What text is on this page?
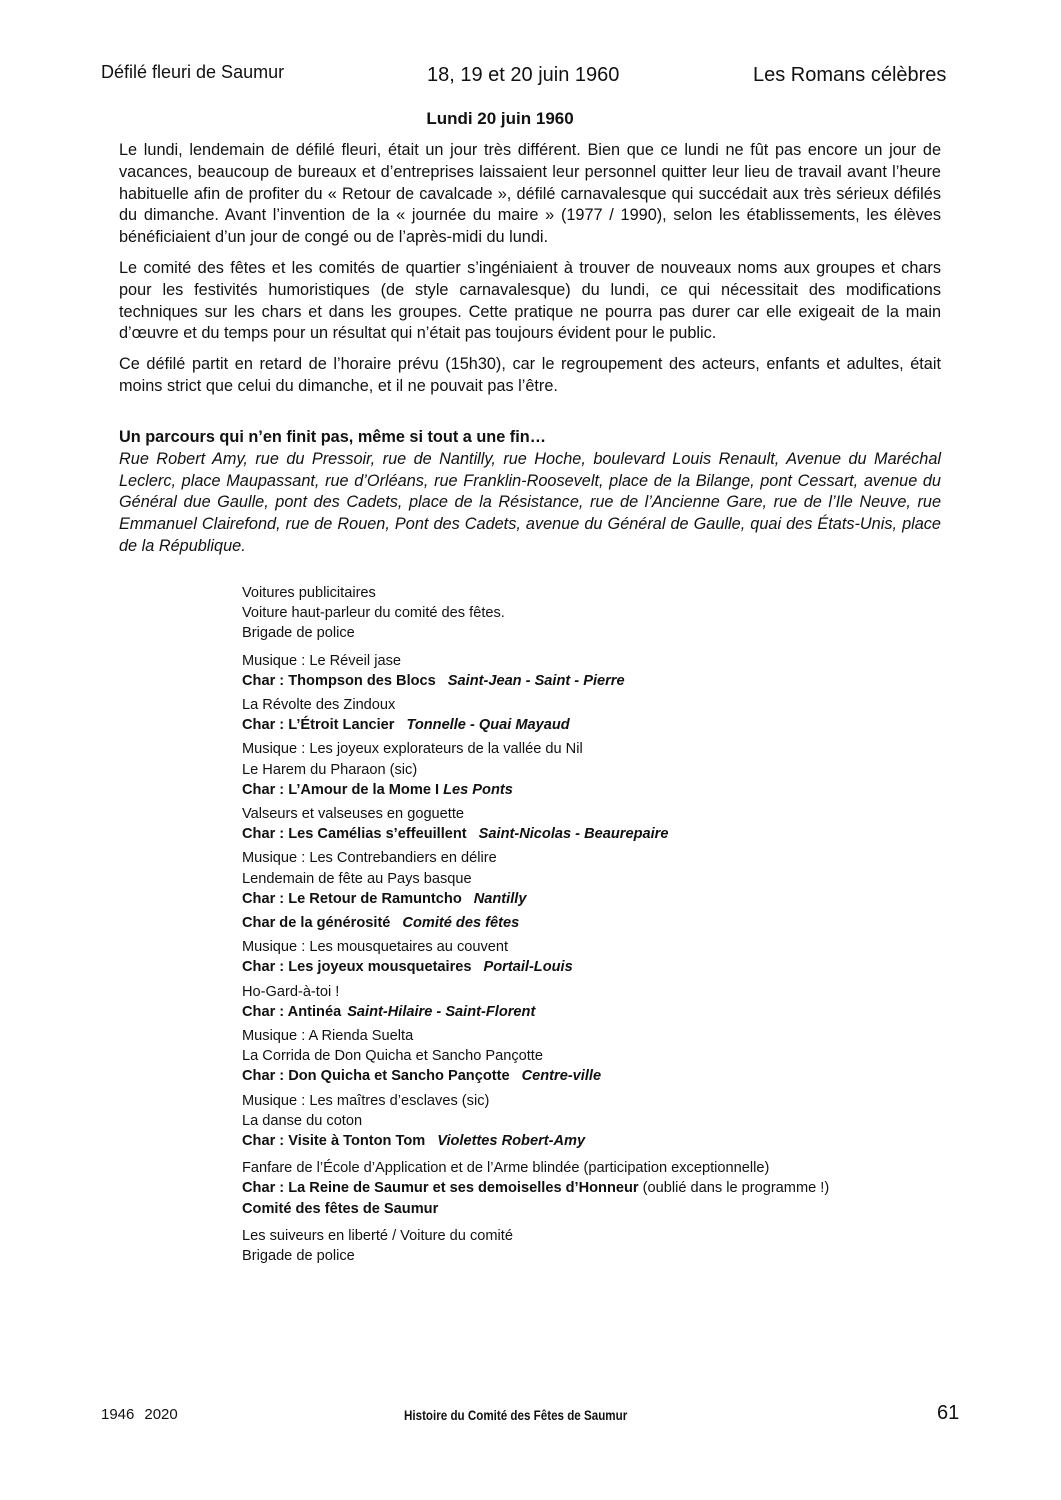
Défilé fleuri de Saumur	18, 19 et 20 juin 1960	Les Romans célèbres
Lundi 20 juin 1960

Le lundi, lendemain de défilé fleuri, était un jour très différent. Bien que ce lundi ne fût pas encore un jour de vacances, beaucoup de bureaux et d’entreprises laissaient leur personnel quitter leur lieu de travail avant l’heure habituelle afin de profiter du « Retour de cavalcade », défilé carnavalesque qui succédait aux très sérieux défilés du dimanche. Avant l’invention de la « journée du maire » (1977 / 1990), selon les établissements, les élèves bénéficiaient d’un jour de congé ou de l’après-midi du lundi.

Le comité des fêtes et les comités de quartier s’ingéniaient à trouver de nouveaux noms aux groupes et chars pour les festivités humoristiques (de style carnavalesque) du lundi, ce qui nécessitait des modifications techniques sur les chars et dans les groupes. Cette pratique ne pourra pas durer car elle exigeait de la main d’œuvre et du temps pour un résultat qui n’était pas toujours évident pour le public.

Ce défilé partit en retard de l’horaire prévu (15h30), car le regroupement des acteurs, enfants et adultes, était moins strict que celui du dimanche, et il ne pouvait pas l’être.

Un parcours qui n’en finit pas, même si tout a une fin…
Rue Robert Amy, rue du Pressoir, rue de Nantilly, rue Hoche, boulevard Louis Renault, Avenue du Maréchal Leclerc, place Maupassant, rue d’Orléans, rue Franklin-Roosevelt, place de la Bilange, pont Cessart, avenue du Général due Gaulle, pont des Cadets, place de la Résistance, rue de l’Ancienne Gare, rue de l’Ile Neuve, rue Emmanuel Clairefond, rue de Rouen, Pont des Cadets, avenue du Général de Gaulle, quai des États-Unis, place de la République.
Voitures publicitaires
Voiture haut-parleur du comité des fêtes.
Brigade de police
Musique : Le Réveil jase
Char : Thompson des Blocs Saint-Jean - Saint - Pierre
La Révolte des Zindoux
Char : L’Étroit Lancier Tonnelle - Quai Mayaud
Musique : Les joyeux explorateurs de la vallée du Nil
Le Harem du Pharaon (sic)
Char : L’Amour de la Mome I Les Ponts
Valseurs et valseuses en goguette
Char : Les Camélias s’effeuillent Saint-Nicolas - Beaurepaire
Musique : Les Contrebandiers en délire
Lendemain de fête au Pays basque
Char : Le Retour de Ramuntcho Nantilly
Char de la générosité Comité des fêtes
Musique : Les mousquetaires au couvent
Char : Les joyeux mousquetaires Portail-Louis
Ho-Gard-à-toi !
Char : Antinéa Saint-Hilaire - Saint-Florent
Musique : A Rienda Suelta
La Corrida de Don Quicha et Sancho Pançotte
Char : Don Quicha et Sancho Pançotte Centre-ville
Musique : Les maîtres d’esclaves (sic)
La danse du coton
Char : Visite à Tonton Tom Violettes Robert-Amy
Fanfare de l’École d’Application et de l’Arme blindée (participation exceptionnelle)
Char : La Reine de Saumur et ses demoiselles d’Honneur (oublié dans le programme !)
Comité des fêtes de Saumur
Les suiveurs en liberté / Voiture du comité
Brigade de police
1946 2020	Histoire du Comité des Fêtes de Saumur	61
